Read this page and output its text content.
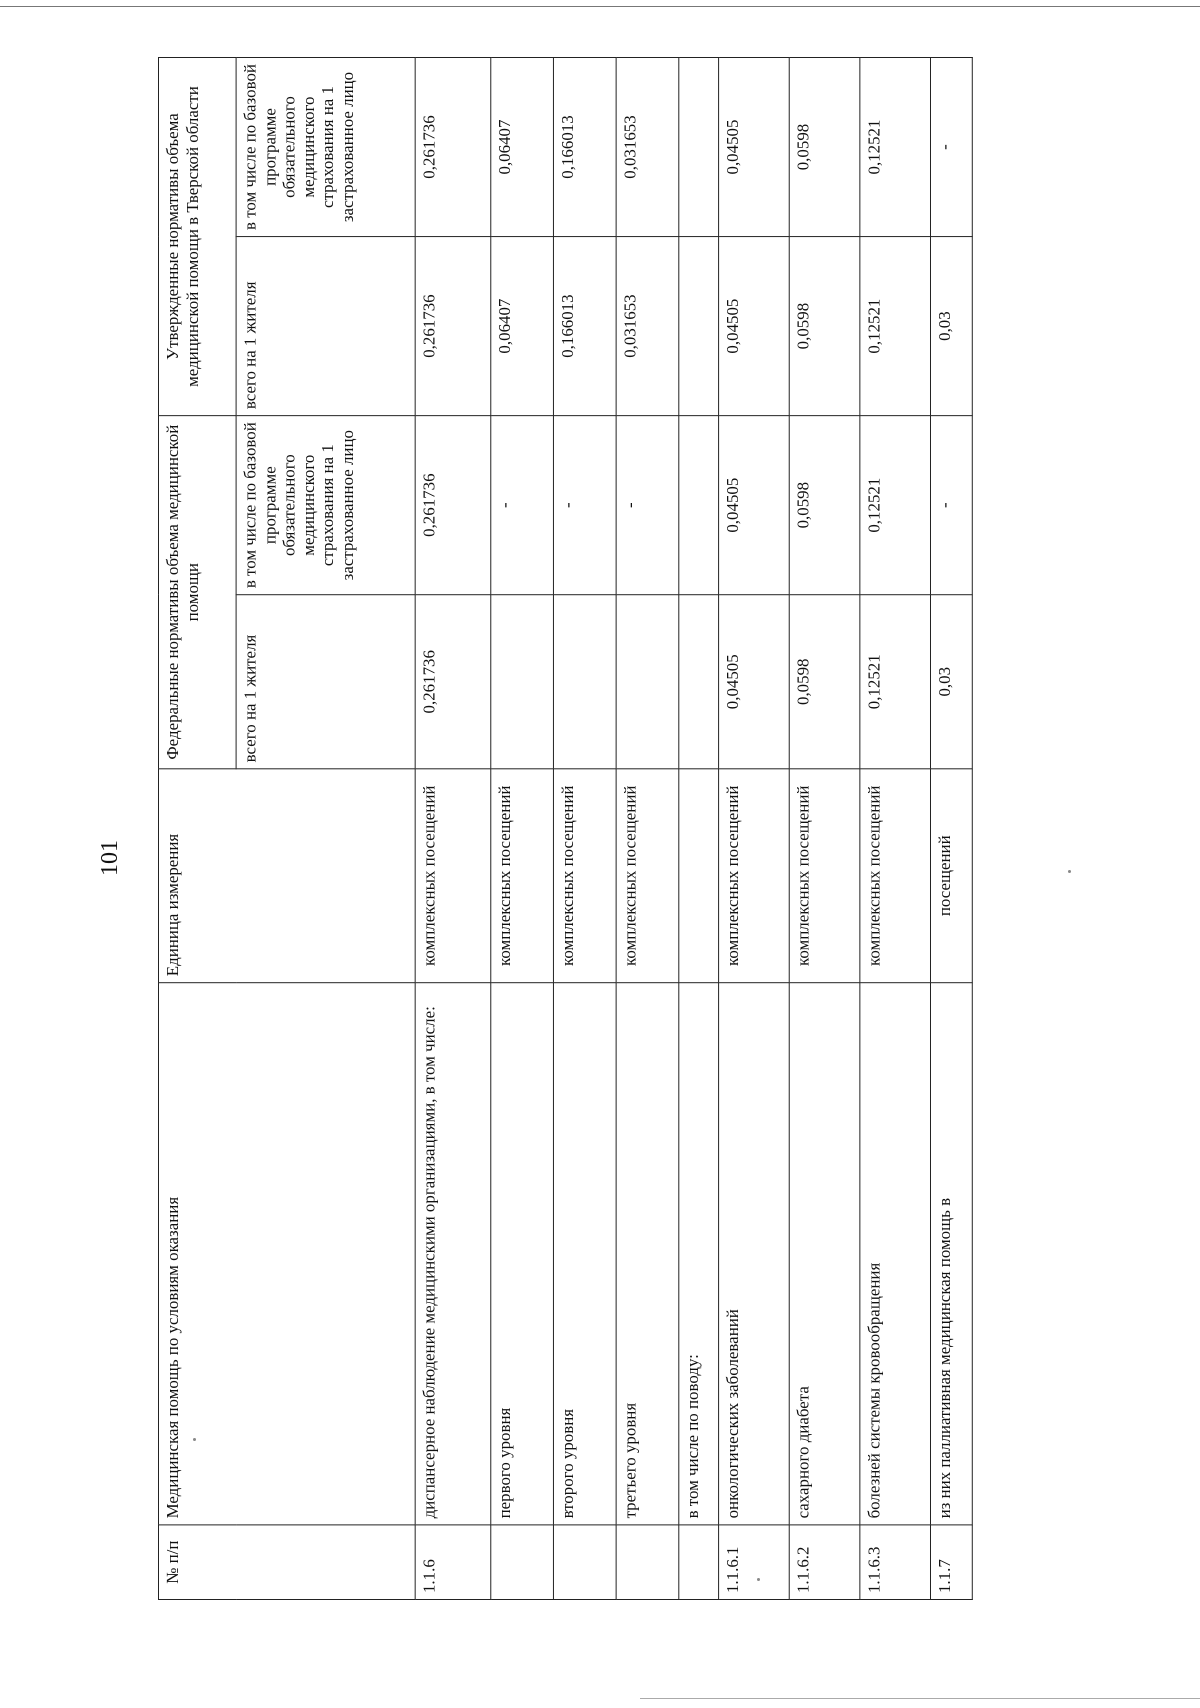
101
№ п/п	Медицинская помощь по условиям оказания	Единица измерения	Федеральные нормативы объема медицинской помощи		Утвержденные нормативы объема медицинской помощи в Тверской области	
			всего на 1 жителя	в том числе по базовой программе обязательного медицинского страхования на 1 застрахованное лицо	всего на 1 жителя	в том числе по базовой программе обязательного медицинского страхования на 1 застрахованное лицо
1.1.6	диспансерное наблюдение медицинскими организациями, в том числе:	комплексных посещений	0,261736	0,261736	0,261736	0,261736
	первого уровня	комплексных посещений		-	0,06407	0,06407
	второго уровня	комплексных посещений		-	0,166013	0,166013
	третьего уровня	комплексных посещений		-	0,031653	0,031653
	в том числе по поводу:					
1.1.6.1	онкологических заболеваний	комплексных посещений	0,04505	0,04505	0,04505	0,04505
1.1.6.2	сахарного диабета	комплексных посещений	0,0598	0,0598	0,0598	0,0598
1.1.6.3	болезней системы кровообращения	комплексных посещений	0,12521	0,12521	0,12521	0,12521
1.1.7	из них паллиативная медицинская помощь в	посещений	0,03	-	0,03	-
